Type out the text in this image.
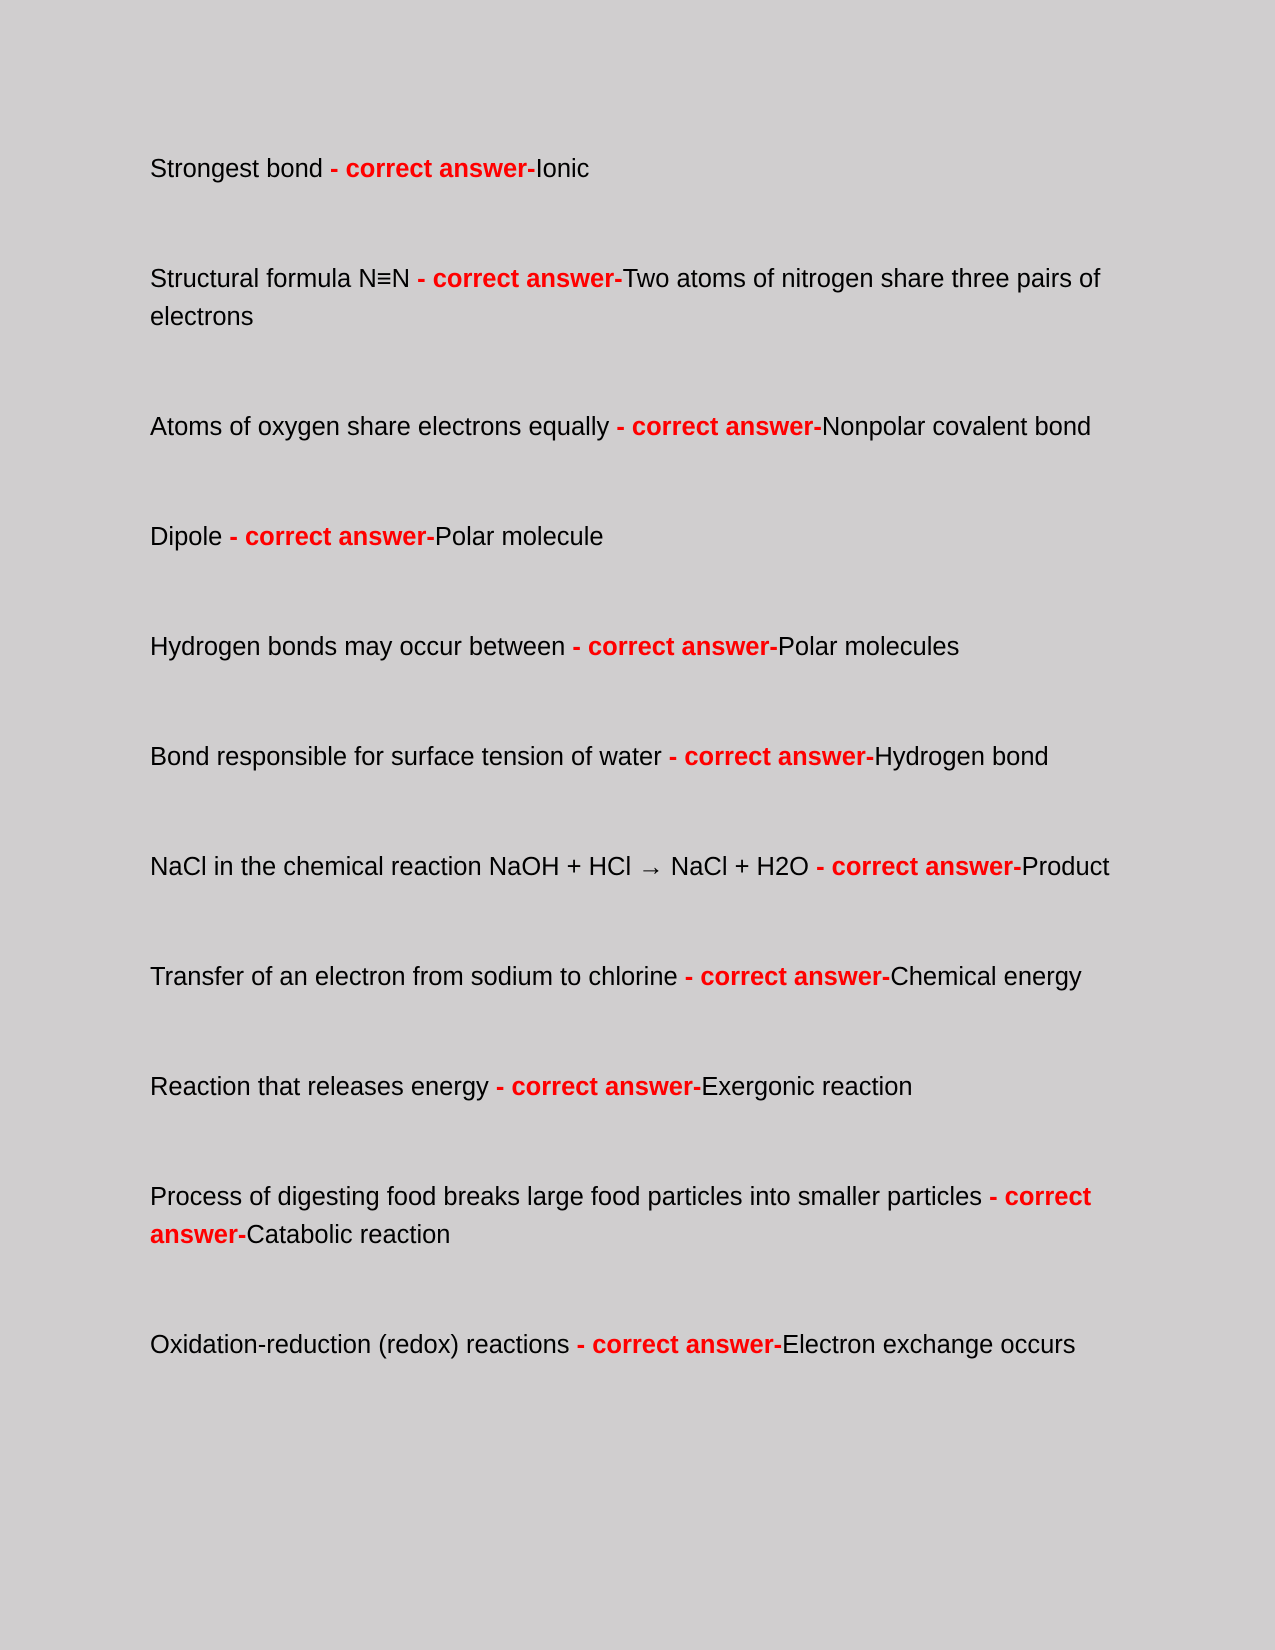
Strongest bond - correct answer-Ionic

Structural formula N≡N - correct answer-Two atoms of nitrogen share three pairs of electrons

Atoms of oxygen share electrons equally - correct answer-Nonpolar covalent bond

Dipole - correct answer-Polar molecule

Hydrogen bonds may occur between - correct answer-Polar molecules

Bond responsible for surface tension of water - correct answer-Hydrogen bond

NaCl in the chemical reaction NaOH + HCl → NaCl + H2O - correct answer-Product

Transfer of an electron from sodium to chlorine - correct answer-Chemical energy

Reaction that releases energy - correct answer-Exergonic reaction

Process of digesting food breaks large food particles into smaller particles - correct answer-Catabolic reaction

Oxidation-reduction (redox) reactions - correct answer-Electron exchange occurs
